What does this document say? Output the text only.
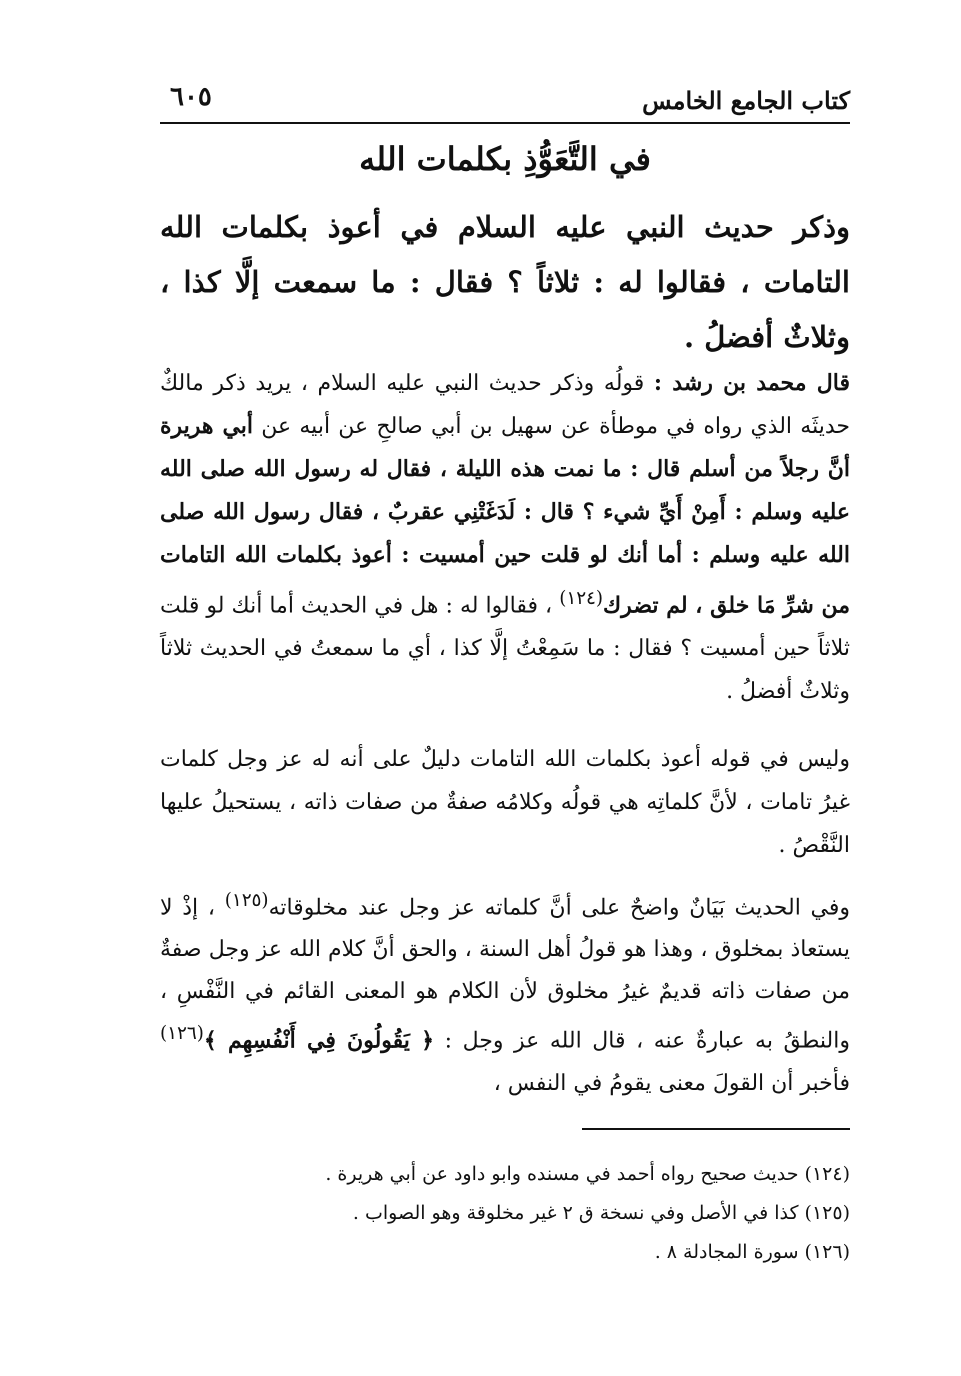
كتاب الجامع الخامس
٦٠٥
في التَّعَوُّذِ بكلمات الله

وذكر حديث النبي عليه السلام في أعوذ بكلمات الله التامات ، فقالوا له : ثلاثاً ؟ فقال : ما سمعت إلَّا كذا ، وثلاثٌ أفضلُ .

قال محمد بن رشد : قولُه وذكر حديث النبي عليه السلام ، يريد ذكر مالكٌ حديثَه الذي رواه في موطأة عن سهيل بن أبي صالحِ عن أبيه عن أبي هريرة أنَّ رجلاً من أسلم قال : ما نمت هذه الليلة ، فقال له رسول الله صلى الله عليه وسلم : أَمِنْ أَيِّ شيء ؟ قال : لَدَغَتْنِي عقربٌ ، فقال رسول الله صلى الله عليه وسلم : أما أنك لو قلت حين أمسيت : أعوذ بكلمات الله التامات من شرِّ مَا خلق ، لم تضرك$^{(١٢٤)}$ ، فقالوا له : هل في الحديث أما أنك لو قلت ثلاثاً حين أمسيت ؟ فقال : ما سَمِعْتُ إلَّا كذا ، أي ما سمعتُ في الحديث ثلاثاً وثلاثٌ أفضلُ .

وليس في قوله أعوذ بكلمات الله التامات دليلٌ على أنه له عز وجل كلمات غيرُ تامات ، لأنَّ كلماتِه هي قولُه وكلامُه صفةٌ من صفات ذاته ، يستحيلُ عليها النَّقْصُ .

وفي الحديث بَيَانٌ واضحٌ على أنَّ كلماته عز وجل عند مخلوقاته$^{(١٢٥)}$ ، إذْ لا يستعاذ بمخلوق ، وهذا هو قولُ أهل السنة ، والحق أنَّ كلام الله عز وجل صفةٌ من صفات ذاته قديمٌ غيرُ مخلوق لأن الكلام هو المعنى القائم في النَّفْسِ ، والنطقُ به عبارةٌ عنه ، قال الله عز وجل : ﴿ يَقُولُونَ فِي أَنْفُسِهِم ﴾$^{(١٢٦)}$ فأخبر أن القولَ معنى يقومُ في النفس ،

(١٢٤) حديث صحيح رواه أحمد في مسنده وابو داود عن أبي هريرة .
(١٢٥) كذا في الأصل وفي نسخة ق ٢ غير مخلوقة وهو الصواب .
(١٢٦) سورة المجادلة ٨ .
